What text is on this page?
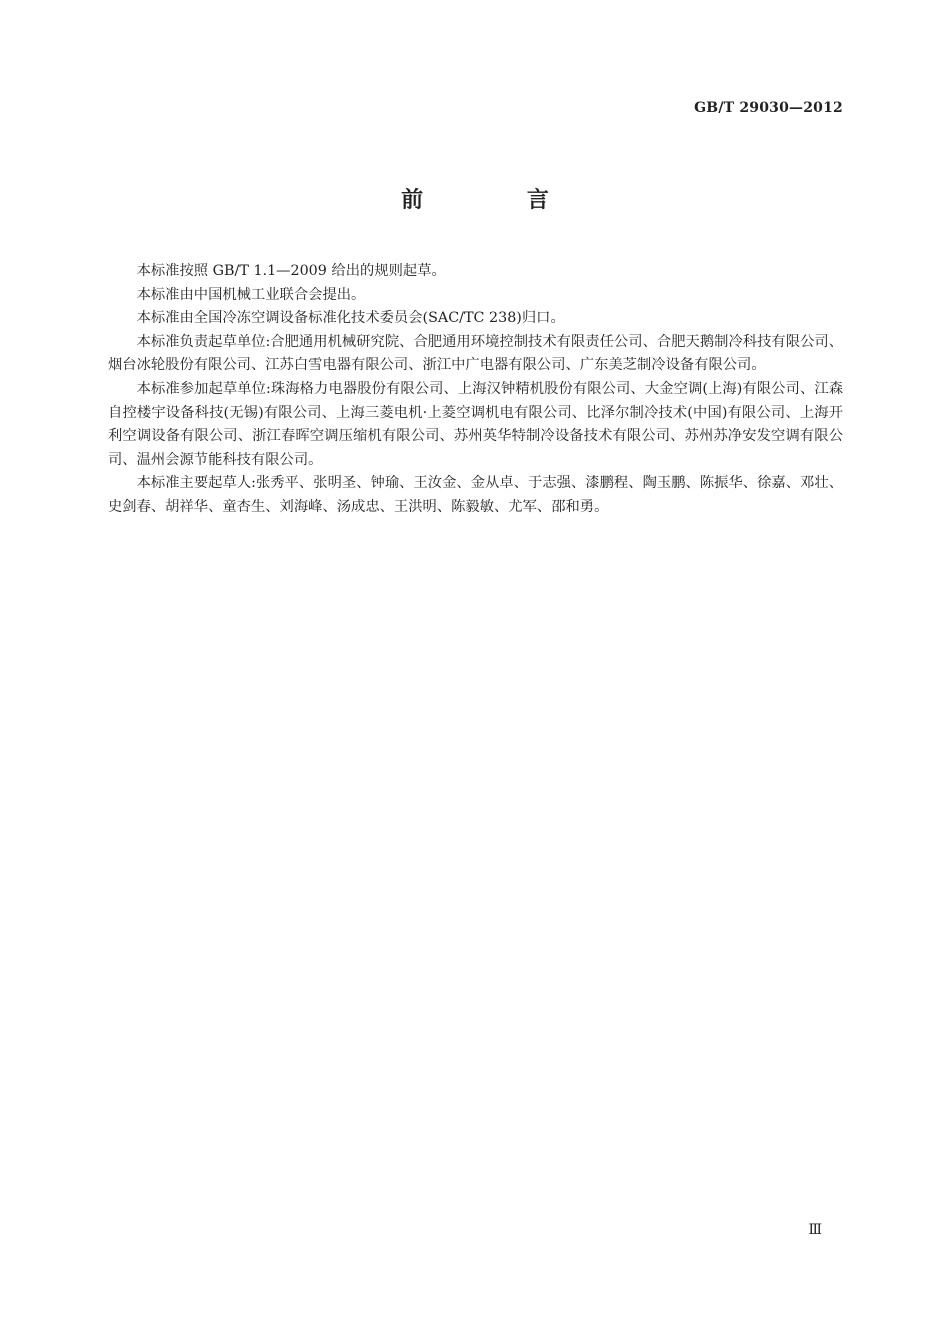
GB/T 29030—2012
前 言

本标准按照 GB/T 1.1—2009 给出的规则起草。

本标准由中国机械工业联合会提出。

本标准由全国冷冻空调设备标准化技术委员会(SAC/TC 238)归口。

本标准负责起草单位:合肥通用机械研究院、合肥通用环境控制技术有限责任公司、合肥天鹅制冷科技有限公司、烟台冰轮股份有限公司、江苏白雪电器有限公司、浙江中广电器有限公司、广东美芝制冷设备有限公司。

本标准参加起草单位:珠海格力电器股份有限公司、上海汉钟精机股份有限公司、大金空调(上海)有限公司、江森自控楼宇设备科技(无锡)有限公司、上海三菱电机·上菱空调机电有限公司、比泽尔制冷技术(中国)有限公司、上海开利空调设备有限公司、浙江春晖空调压缩机有限公司、苏州英华特制冷设备技术有限公司、苏州苏净安发空调有限公司、温州会源节能科技有限公司。

本标准主要起草人:张秀平、张明圣、钟瑜、王汝金、金从卓、于志强、漆鹏程、陶玉鹏、陈振华、徐嘉、邓壮、史剑春、胡祥华、童杏生、刘海峰、汤成忠、王洪明、陈毅敏、尤军、邵和勇。

Ⅲ
